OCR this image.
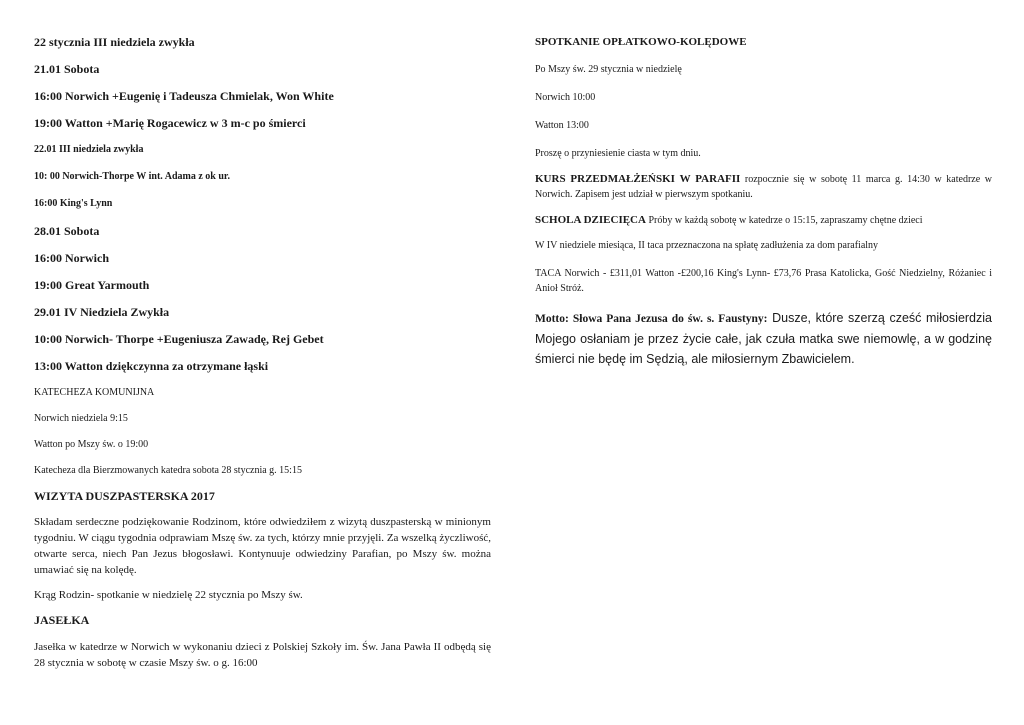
22 stycznia III niedziela zwykła

21.01 Sobota

16:00 Norwich +Eugenię i Tadeusza Chmielak, Won White

19:00 Watton +Marię Rogacewicz w 3 m-c po śmierci

22.01 III niedziela zwykła

10: 00 Norwich-Thorpe W int. Adama z ok ur.

16:00 King's Lynn

28.01 Sobota

16:00 Norwich

19:00 Great Yarmouth

29.01 IV Niedziela Zwykła

10:00 Norwich- Thorpe +Eugeniusza Zawadę, Rej Gebet

13:00 Watton dziękczynna za otrzymane łąski

KATECHEZA KOMUNIJNA

Norwich niedziela 9:15

Watton po Mszy św. o 19:00

Katecheza dla Bierzmowanych katedra sobota 28 stycznia g. 15:15

WIZYTA DUSZPASTERSKA 2017

Składam serdeczne podziękowanie Rodzinom, które odwiedziłem z wizytą duszpasterską w minionym tygodniu. W ciągu tygodnia odprawiam Mszę św. za tych, którzy mnie przyjęli. Za wszelką życzliwość, otwarte serca, niech Pan Jezus błogosławi. Kontynuuje odwiedziny Parafian, po Mszy św. można umawiać się na kolędę.

Krąg Rodzin- spotkanie w niedzielę 22 stycznia po Mszy św.

JASEŁKA

Jasełka w katedrze w Norwich w wykonaniu dzieci z Polskiej Szkoły im. Św. Jana Pawła II odbędą się 28 stycznia w sobotę w czasie Mszy św. o g. 16:00

SPOTKANIE OPŁATKOWO-KOLĘDOWE

Po Mszy św. 29 stycznia w niedzielę

Norwich 10:00

Watton 13:00

Proszę o przyniesienie ciasta w tym dniu.

KURS PRZEDMAŁŻEŃSKI W PARAFII rozpocznie się w sobotę 11 marca g. 14:30 w katedrze w Norwich. Zapisem jest udział w pierwszym spotkaniu.

SCHOLA DZIECIĘCA Próby w każdą sobotę w katedrze o 15:15, zapraszamy chętne dzieci

W IV niedziele miesiąca, II taca przeznaczona na spłatę zadłużenia za dom parafialny

TACA Norwich - £311,01 Watton -£200,16 King's Lynn- £73,76 Prasa Katolicka, Gość Niedzielny, Różaniec i Anioł Stróż.

Motto: Słowa Pana Jezusa do św. s. Faustyny: Dusze, które szerzą cześć miłosierdzia Mojego osłaniam je przez życie całe, jak czuła matka swe niemowlę, a w godzinę śmierci nie będę im Sędzią, ale miłosiernym Zbawicielem.
